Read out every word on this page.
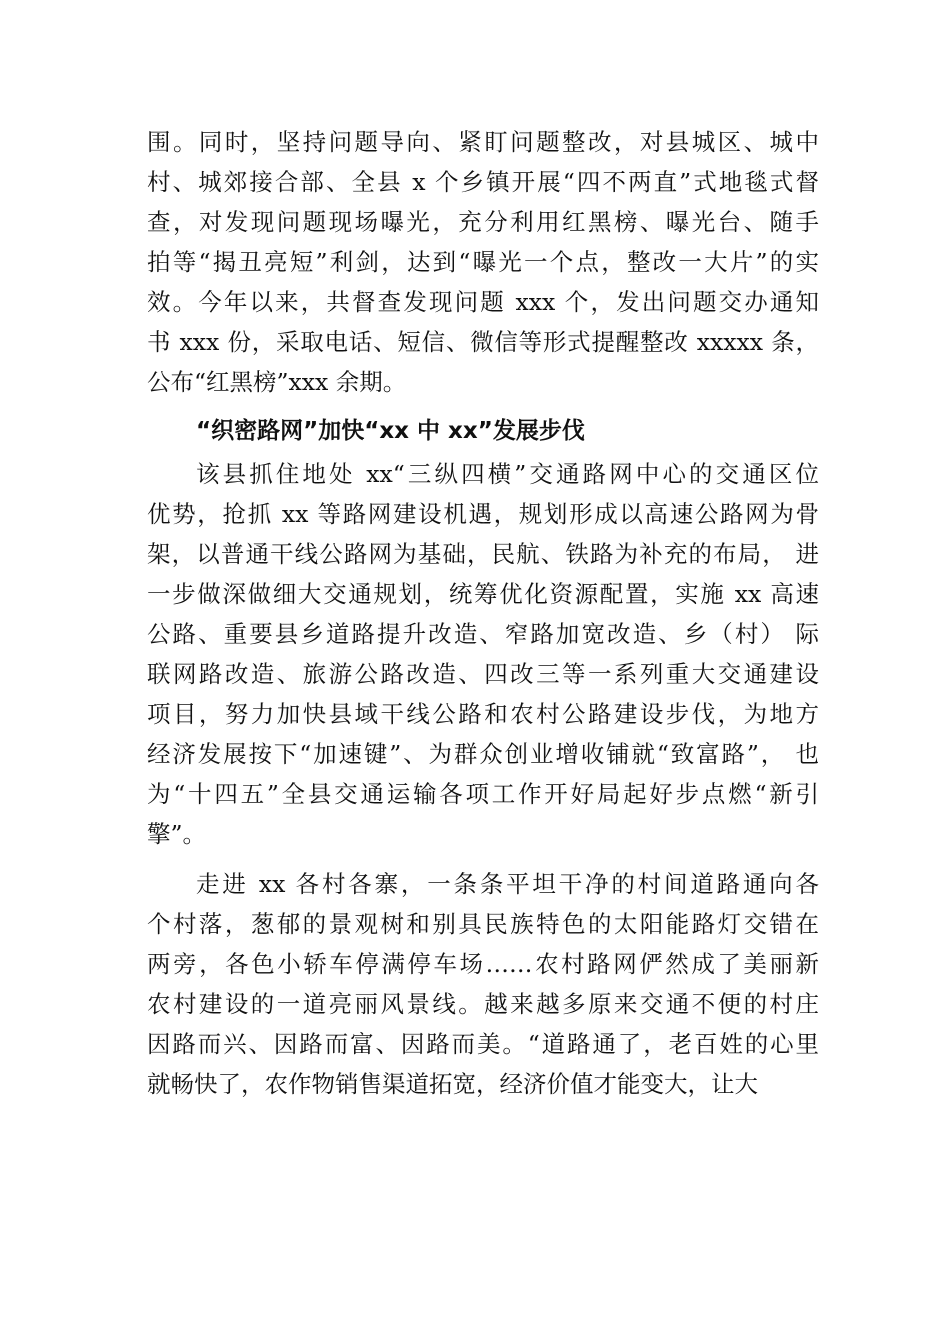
围。同时，坚持问题导向、紧盯问题整改，对县城区、城中
村、城郊接合部、全县 x 个乡镇开展“四不两直”式地毯式督
查，对发现问题现场曝光，充分利用红黑榜、曝光台、随手
拍等“揭丑亮短”利剑，达到“曝光一个点，整改一大片”的实
效。今年以来，共督查发现问题 xxx 个，发出问题交办通知
书 xxx 份，采取电话、短信、微信等形式提醒整改 xxxxx 条，
公布“红黑榜”xxx 余期。
“织密路网”加快“xx 中 xx”发展步伐
该县抓住地处 xx“三纵四横”交通路网中心的交通区位
优势，抢抓 xx 等路网建设机遇，规划形成以高速公路网为骨
架，以普通干线公路网为基础，民航、铁路为补充的布局， 进
一步做深做细大交通规划，统筹优化资源配置，实施 xx 高速
公路、重要县乡道路提升改造、窄路加宽改造、乡（村） 际
联网路改造、旅游公路改造、四改三等一系列重大交通建设
项目，努力加快县域干线公路和农村公路建设步伐，为地方
经济发展按下“加速键”、为群众创业增收铺就“致富路”， 也
为“十四五”全县交通运输各项工作开好局起好步点燃“新引
擎”。
走进 xx 各村各寨，一条条平坦干净的村间道路通向各
个村落，葱郁的景观树和别具民族特色的太阳能路灯交错在
两旁，各色小轿车停满停车场……农村路网俨然成了美丽新
农村建设的一道亮丽风景线。越来越多原来交通不便的村庄
因路而兴、因路而富、因路而美。“道路通了，老百姓的心里
就畅快了，农作物销售渠道拓宽，经济价值才能变大，让大
